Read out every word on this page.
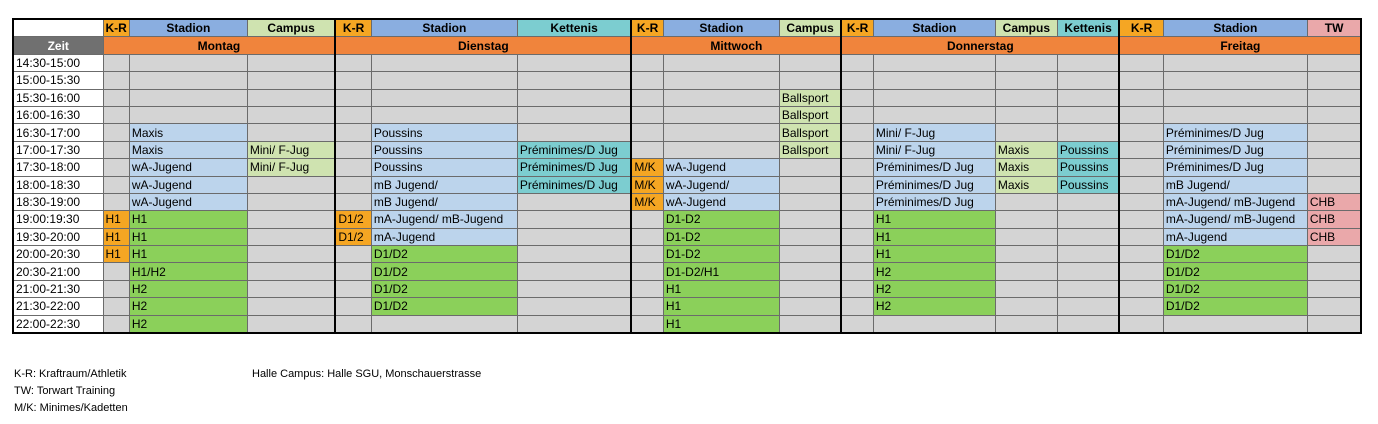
	K-R	Stadion	Campus	K-R	Stadion	Kettenis	K-R	Stadion	Campus	K-R	Stadion	Campus	Kettenis	K-R	Stadion	TW
Zeit	Montag			Dienstag			Mittwoch			Donnerstag				Freitag		
14:30-15:00																
15:00-15:30																
15:30-16:00									Ballsport							
16:00-16:30									Ballsport							
16:30-17:00		Maxis			Poussins				Ballsport		Mini/ F-Jug				Préminimes/D Jug	
17:00-17:30		Maxis	Mini/ F-Jug		Poussins	Préminimes/D Jug			Ballsport		Mini/ F-Jug	Maxis	Poussins		Préminimes/D Jug	
17:30-18:00		wA-Jugend	Mini/ F-Jug		Poussins	Préminimes/D Jug	M/K	wA-Jugend			Préminimes/D Jug	Maxis	Poussins		Préminimes/D Jug	
18:00-18:30		wA-Jugend			mB Jugend/	Préminimes/D Jug	M/K	wA-Jugend/			Préminimes/D Jug	Maxis	Poussins		mB Jugend/	
18:30-19:00		wA-Jugend			mB Jugend/		M/K	wA-Jugend			Préminimes/D Jug				mA-Jugend/ mB-Jugend	CHB
19:00:19:30	H1	H1		D1/2	mA-Jugend/ mB-Jugend			D1-D2			H1				mA-Jugend/ mB-Jugend	CHB
19:30-20:00	H1	H1		D1/2	mA-Jugend			D1-D2			H1				mA-Jugend	CHB
20:00-20:30	H1	H1			D1/D2			D1-D2			H1				D1/D2	
20:30-21:00		H1/H2			D1/D2			D1-D2/H1			H2				D1/D2	
21:00-21:30		H2			D1/D2			H1			H2				D1/D2	
21:30-22:00		H2			D1/D2			H1			H2				D1/D2	
22:00-22:30		H2						H1								
K-R: Kraftraum/Athletik
TW: Torwart Training
M/K: Minimes/Kadetten
Halle Campus: Halle SGU, Monschauerstrasse
